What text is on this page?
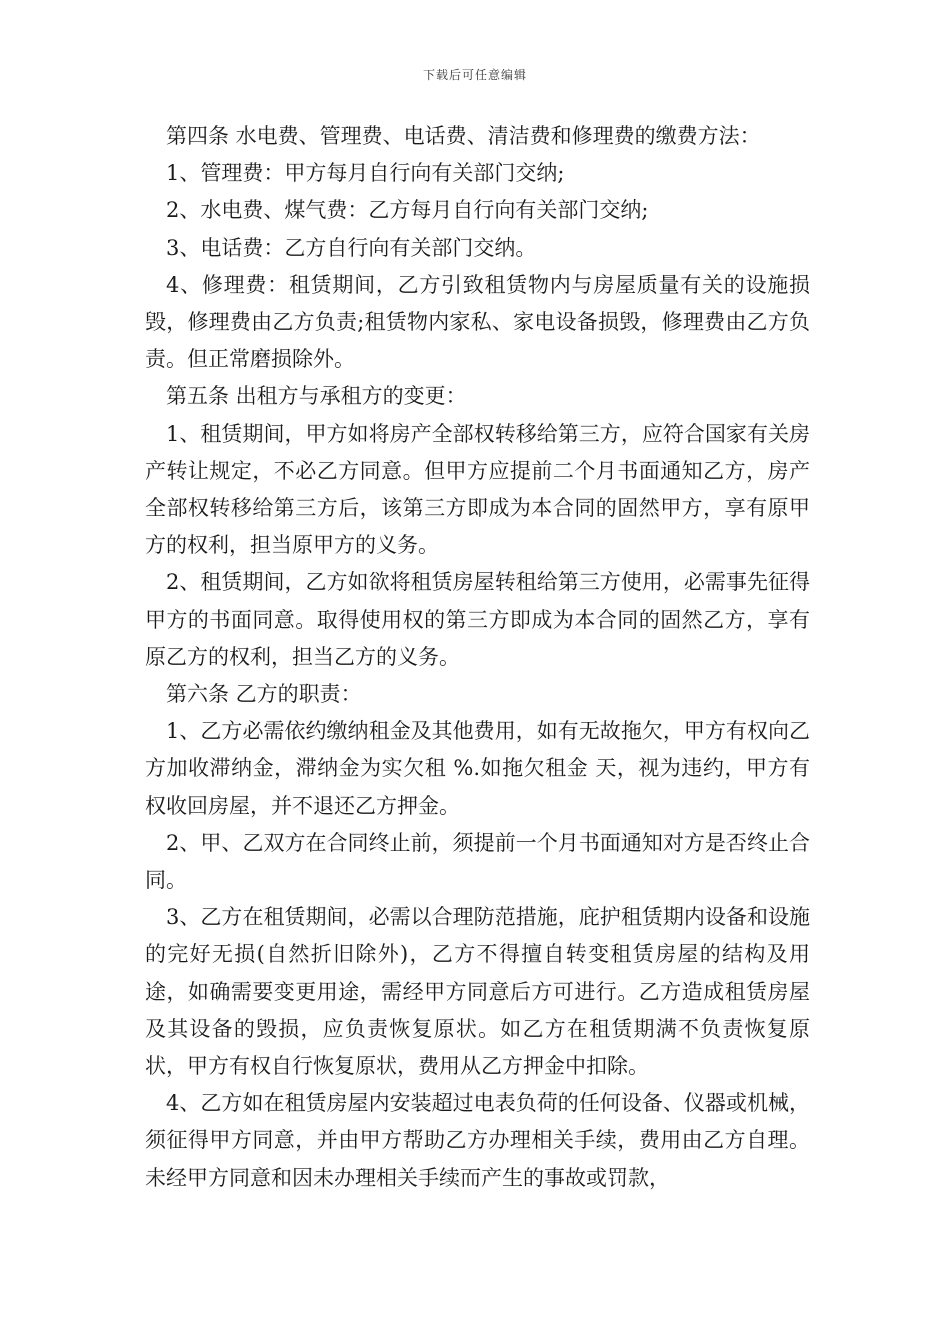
下载后可任意编辑

第四条 水电费、管理费、电话费、清洁费和修理费的缴费方法：

1、管理费：甲方每月自行向有关部门交纳;

2、水电费、煤气费：乙方每月自行向有关部门交纳;

3、电话费：乙方自行向有关部门交纳。

4、修理费：租赁期间，乙方引致租赁物内与房屋质量有关的设施损毁，修理费由乙方负责;租赁物内家私、家电设备损毁，修理费由乙方负责。但正常磨损除外。

第五条 出租方与承租方的变更：

1、租赁期间，甲方如将房产全部权转移给第三方，应符合国家有关房产转让规定，不必乙方同意。但甲方应提前二个月书面通知乙方，房产全部权转移给第三方后，该第三方即成为本合同的固然甲方，享有原甲方的权利，担当原甲方的义务。

2、租赁期间，乙方如欲将租赁房屋转租给第三方使用，必需事先征得甲方的书面同意。取得使用权的第三方即成为本合同的固然乙方，享有原乙方的权利，担当乙方的义务。

第六条 乙方的职责：

1、乙方必需依约缴纳租金及其他费用，如有无故拖欠，甲方有权向乙方加收滞纳金，滞纳金为实欠租 %.如拖欠租金 天，视为违约，甲方有权收回房屋，并不退还乙方押金。

2、甲、乙双方在合同终止前，须提前一个月书面通知对方是否终止合同。

3、乙方在租赁期间，必需以合理防范措施，庇护租赁期内设备和设施的完好无损(自然折旧除外)，乙方不得擅自转变租赁房屋的结构及用途，如确需要变更用途，需经甲方同意后方可进行。乙方造成租赁房屋及其设备的毁损，应负责恢复原状。如乙方在租赁期满不负责恢复原状，甲方有权自行恢复原状，费用从乙方押金中扣除。

4、乙方如在租赁房屋内安装超过电表负荷的任何设备、仪器或机械，须征得甲方同意，并由甲方帮助乙方办理相关手续，费用由乙方自理。 未经甲方同意和因未办理相关手续而产生的事故或罚款，
